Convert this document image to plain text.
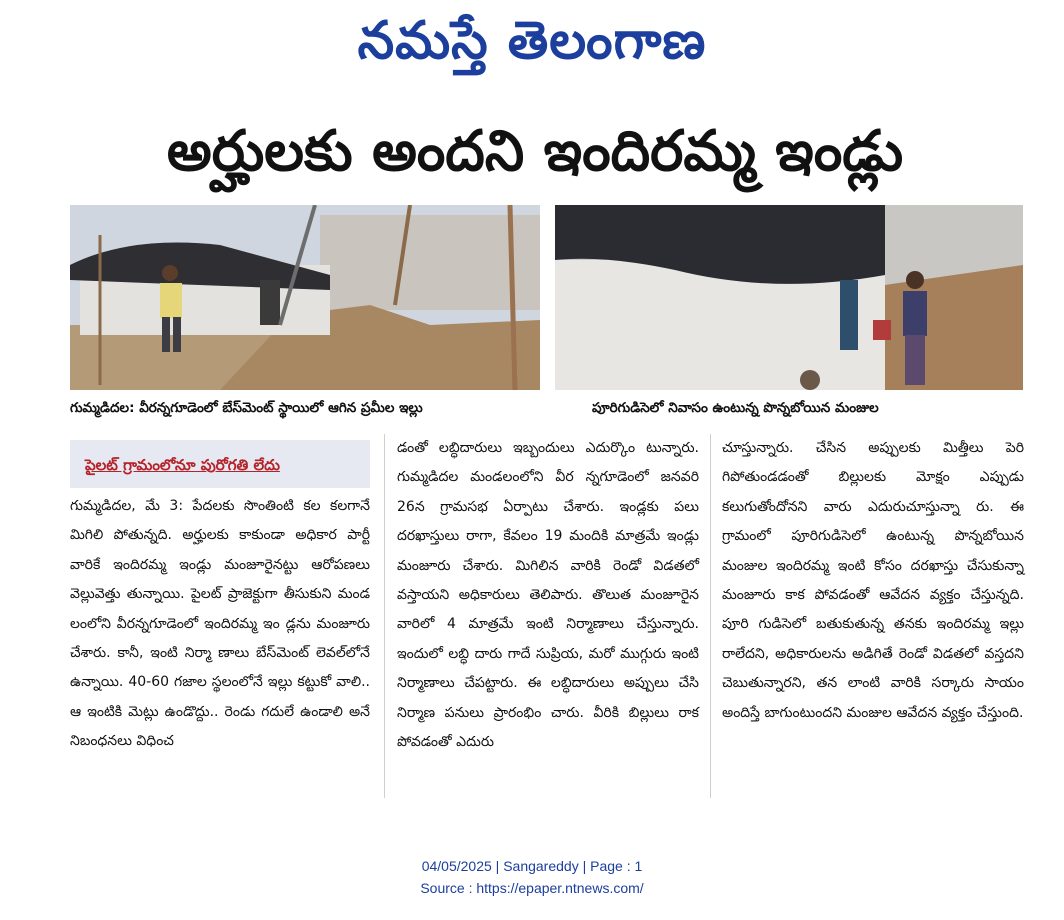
నమస్తే తెలంగాణ
అర్హులకు అందని ఇందిరమ్మ ఇండ్లు
గుమ్మడిదల: వీరన్నగూడెంలో బేస్‌మెంట్ స్థాయిలో ఆగిన ప్రమీల ఇల్లు	పూరిగుడిసెలో నివాసం ఉంటున్న పొన్నబోయిన మంజుల
పైలట్ గ్రామంలోనూ పురోగతి లేదు
గుమ్మడిదల, మే 3: పేదలకు సొంతింటి కల కలగానే మిగిలి పోతున్నది. అర్హులకు కాకుండా అధికార పార్టీ వారికే ఇందిరమ్మ ఇండ్లు మంజూరైనట్టు ఆరోపణలు వెల్లువెత్తు తున్నాయి. పైలట్ ప్రాజెక్టుగా తీసుకుని మండ లంలోని వీరన్నగూడెంలో ఇందిరమ్మ ఇం డ్లను మంజూరు చేశారు. కానీ, ఇంటి నిర్మా ణాలు బేస్‌మెంట్ లెవల్‌లోనే ఉన్నాయి. 40-60 గజాల స్థలంలోనే ఇల్లు కట్టుకో వాలి.. ఆ ఇంటికి మెట్లు ఉండొద్దు.. రెండు గదులే ఉండాలి అనే నిబంధనలు విధించ
డంతో లబ్ధిదారులు ఇబ్బందులు ఎదుర్కొం టున్నారు. గుమ్మడిదల మండలంలోని వీర న్నగూడెంలో జనవరి 26న గ్రామసభ ఏర్పాటు చేశారు. ఇండ్లకు పలు దరఖాస్తులు రాగా, కేవలం 19 మందికి మాత్రమే ఇండ్లు మంజూరు చేశారు. మిగిలిన వారికి రెండో విడతలో వస్తాయని అధికారులు తెలిపారు. తొలుత మంజూరైన వారిలో 4 మాత్రమే ఇంటి నిర్మాణాలు చేస్తున్నారు. ఇందులో లబ్ధి దారు గాదే సుప్రియ, మరో ముగ్గురు ఇంటి నిర్మాణాలు చేపట్టారు. ఈ లబ్ధిదారులు అప్పులు చేసి నిర్మాణ పనులు ప్రారంభిం చారు. వీరికి బిల్లులు రాక పోవడంతో ఎదురు
చూస్తున్నారు. చేసిన అప్పులకు మిత్తీలు పెరి గిపోతుండడంతో బిల్లులకు మోక్షం ఎప్పుడు కలుగుతోందోనని వారు ఎదురుచూస్తున్నా రు. ఈ గ్రామంలో పూరిగుడిసెలో ఉంటున్న పొన్నబోయిన మంజుల ఇందిరమ్మ ఇంటి కోసం దరఖాస్తు చేసుకున్నా మంజూరు కాక పోవడంతో ఆవేదన వ్యక్తం చేస్తున్నది. పూరి గుడిసెలో బతుకుతున్న తనకు ఇందిరమ్మ ఇల్లు రాలేదని, అధికారులను అడిగితే రెండో విడతలో వస్తదని చెబుతున్నారని, తన లాంటి వారికి సర్కారు సాయం అందిస్తే బాగుంటుందని మంజుల ఆవేదన వ్యక్తం చేస్తుంది.
04/05/2025 | Sangareddy | Page : 1
Source : https://epaper.ntnews.com/
